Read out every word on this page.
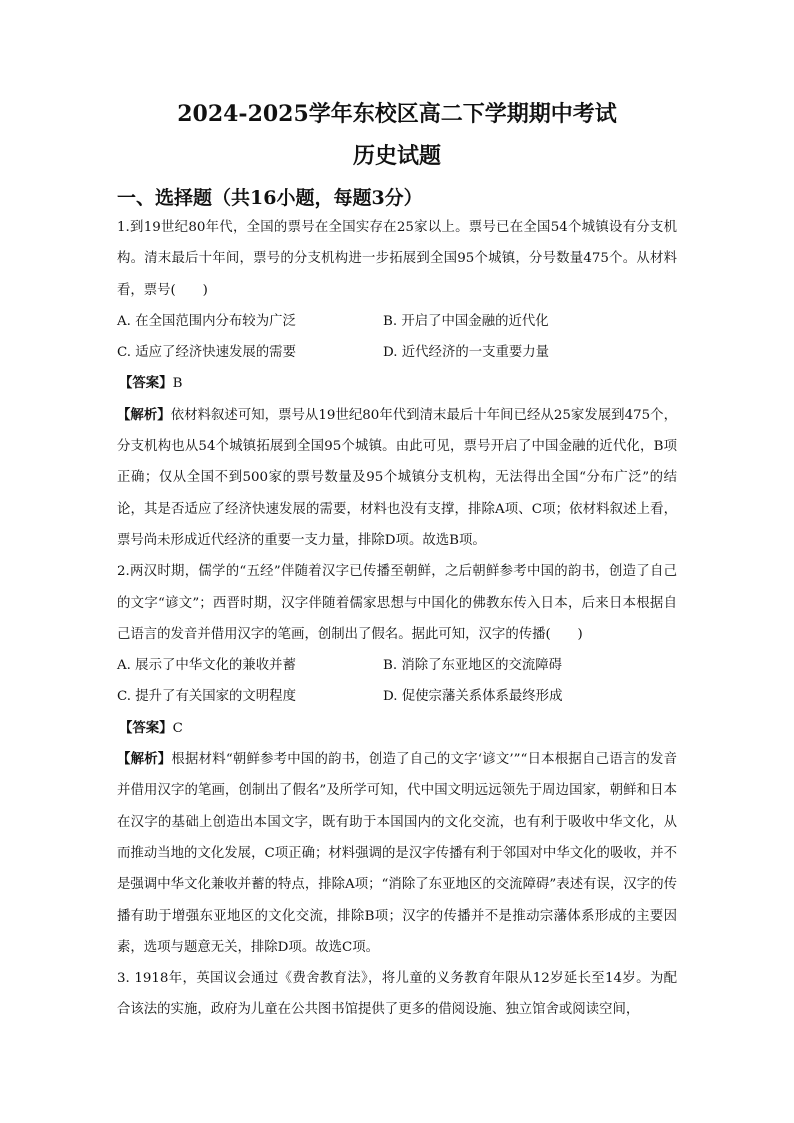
2024-2025学年东校区高二下学期期中考试
历史试题
一、选择题（共16小题，每题3分）

1.到19世纪80年代，全国的票号在全国实存在25家以上。票号已在全国54个城镇设有分支机构。清末最后十年间，票号的分支机构进一步拓展到全国95个城镇，分号数量475个。从材料看，票号(　　)

A. 在全国范围内分布较为广泛	B. 开启了中国金融的近代化
C. 适应了经济快速发展的需要	D. 近代经济的一支重要力量

【答案】B

【解析】依材料叙述可知，票号从19世纪80年代到清末最后十年间已经从25家发展到475个，分支机构也从54个城镇拓展到全国95个城镇。由此可见，票号开启了中国金融的近代化，B项正确；仅从全国不到500家的票号数量及95个城镇分支机构，无法得出全国“分布广泛”的结论，其是否适应了经济快速发展的需要，材料也没有支撑，排除A项、C项；依材料叙述上看，票号尚未形成近代经济的重要一支力量，排除D项。故选B项。

2.两汉时期，儒学的“五经”伴随着汉字已传播至朝鲜，之后朝鲜参考中国的韵书，创造了自己的文字“谚文”；西晋时期，汉字伴随着儒家思想与中国化的佛教东传入日本，后来日本根据自己语言的发音并借用汉字的笔画，创制出了假名。据此可知，汉字的传播(　　)

A. 展示了中华文化的兼收并蓄	B. 消除了东亚地区的交流障碍
C. 提升了有关国家的文明程度	D. 促使宗藩关系体系最终形成

【答案】C

【解析】根据材料“朝鲜参考中国的韵书，创造了自己的文字‘谚文’”“日本根据自己语言的发音并借用汉字的笔画，创制出了假名”及所学可知，代中国文明远远领先于周边国家，朝鲜和日本在汉字的基础上创造出本国文字，既有助于本国国内的文化交流，也有利于吸收中华文化，从而推动当地的文化发展，C项正确；材料强调的是汉字传播有利于邻国对中华文化的吸收，并不是强调中华文化兼收并蓄的特点，排除A项；“消除了东亚地区的交流障碍”表述有误，汉字的传播有助于增强东亚地区的文化交流，排除B项；汉字的传播并不是推动宗藩体系形成的主要因素，选项与题意无关，排除D项。故选C项。

3. 1918年，英国议会通过《费舍教育法》，将儿童的义务教育年限从12岁延长至14岁。为配合该法的实施，政府为儿童在公共图书馆提供了更多的借阅设施、独立馆舍或阅读空间，
